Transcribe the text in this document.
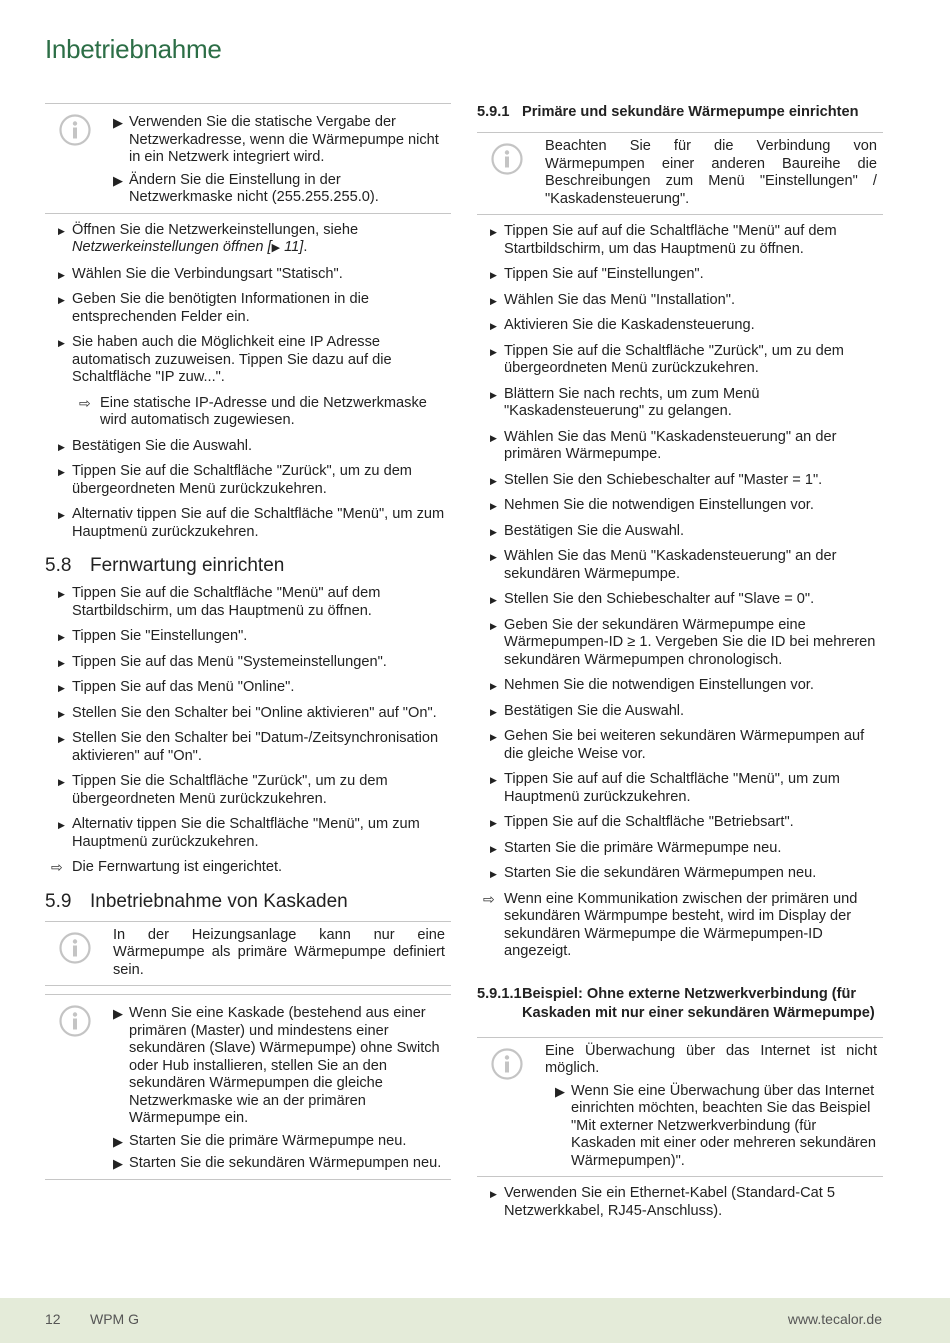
Inbetriebnahme
▶ Verwenden Sie die statische Vergabe der Netzwerkadresse, wenn die Wärmepumpe nicht in ein Netzwerk integriert wird.
▶ Ändern Sie die Einstellung in der Netzwerkmaske nicht (255.255.255.0).
▶ Öffnen Sie die Netzwerkeinstellungen, siehe Netzwerkeinstellungen öffnen [▶ 11].
▶ Wählen Sie die Verbindungsart "Statisch".
▶ Geben Sie die benötigten Informationen in die entsprechenden Felder ein.
▶ Sie haben auch die Möglichkeit eine IP Adresse automatisch zuzuweisen. Tippen Sie dazu auf die Schaltfläche "IP zuw...".
⇨ Eine statische IP-Adresse und die Netzwerkmaske wird automatisch zugewiesen.
▶ Bestätigen Sie die Auswahl.
▶ Tippen Sie auf die Schaltfläche "Zurück", um zu dem übergeordneten Menü zurückzukehren.
▶ Alternativ tippen Sie auf die Schaltfläche "Menü", um zum Hauptmenü zurückzukehren.
5.8 Fernwartung einrichten
▶ Tippen Sie auf die Schaltfläche "Menü" auf dem Startbildschirm, um das Hauptmenü zu öffnen.
▶ Tippen Sie "Einstellungen".
▶ Tippen Sie auf das Menü "Systemeinstellungen".
▶ Tippen Sie auf das Menü "Online".
▶ Stellen Sie den Schalter bei "Online aktivieren" auf "On".
▶ Stellen Sie den Schalter bei "Datum-/Zeitsynchronisation aktivieren" auf "On".
▶ Tippen Sie die Schaltfläche "Zurück", um zu dem übergeordneten Menü zurückzukehren.
▶ Alternativ tippen Sie die Schaltfläche "Menü", um zum Hauptmenü zurückzukehren.
⇨ Die Fernwartung ist eingerichtet.
5.9 Inbetriebnahme von Kaskaden

In der Heizungsanlage kann nur eine Wärmepumpe als primäre Wärmepumpe definiert sein.

▶ Wenn Sie eine Kaskade (bestehend aus einer primären (Master) und mindestens einer sekundären (Slave) Wärmepumpe) ohne Switch oder Hub installieren, stellen Sie an den sekundären Wärmepumpen die gleiche Netzwerkmaske wie an der primären Wärmepumpe ein.
▶ Starten Sie die primäre Wärmepumpe neu.
▶ Starten Sie die sekundären Wärmepumpen neu.
5.9.1 Primäre und sekundäre Wärmepumpe einrichten

Beachten Sie für die Verbindung von Wärmepumpen einer anderen Baureihe die Beschreibungen zum Menü "Einstellungen" / "Kaskadensteuerung".

▶ Tippen Sie auf auf die Schaltfläche "Menü" auf dem Startbildschirm, um das Hauptmenü zu öffnen.
▶ Tippen Sie auf "Einstellungen".
▶ Wählen Sie das Menü "Installation".
▶ Aktivieren Sie die Kaskadensteuerung.
▶ Tippen Sie auf die Schaltfläche "Zurück", um zu dem übergeordneten Menü zurückzukehren.
▶ Blättern Sie nach rechts, um zum Menü "Kaskadensteuerung" zu gelangen.
▶ Wählen Sie das Menü "Kaskadensteuerung" an der primären Wärmepumpe.
▶ Stellen Sie den Schiebeschalter auf "Master = 1".
▶ Nehmen Sie die notwendigen Einstellungen vor.
▶ Bestätigen Sie die Auswahl.
▶ Wählen Sie das Menü "Kaskadensteuerung" an der sekundären Wärmepumpe.
▶ Stellen Sie den Schiebeschalter auf "Slave = 0".
▶ Geben Sie der sekundären Wärmepumpe eine Wärmepumpen-ID ≥ 1. Vergeben Sie die ID bei mehreren sekundären Wärmepumpen chronologisch.
▶ Nehmen Sie die notwendigen Einstellungen vor.
▶ Bestätigen Sie die Auswahl.
▶ Gehen Sie bei weiteren sekundären Wärmepumpen auf die gleiche Weise vor.
▶ Tippen Sie auf auf die Schaltfläche "Menü", um zum Hauptmenü zurückzukehren.
▶ Tippen Sie auf die Schaltfläche "Betriebsart".
▶ Starten Sie die primäre Wärmepumpe neu.
▶ Starten Sie die sekundären Wärmepumpen neu.
⇨ Wenn eine Kommunikation zwischen der primären und sekundären Wärmpumpe besteht, wird im Display der sekundären Wärmepumpe die Wärmepumpen-ID angezeigt.
5.9.1.1 Beispiel: Ohne externe Netzwerkverbindung (für Kaskaden mit nur einer sekundären Wärmepumpe)

Eine Überwachung über das Internet ist nicht möglich.

▶ Wenn Sie eine Überwachung über das Internet einrichten möchten, beachten Sie das Beispiel "Mit externer Netzwerkverbindung (für Kaskaden mit einer oder mehreren sekundären Wärmepumpen)".
▶ Verwenden Sie ein Ethernet-Kabel (Standard-Cat 5 Netzwerkkabel, RJ45-Anschluss).
12 WPM G	www.tecalor.de
